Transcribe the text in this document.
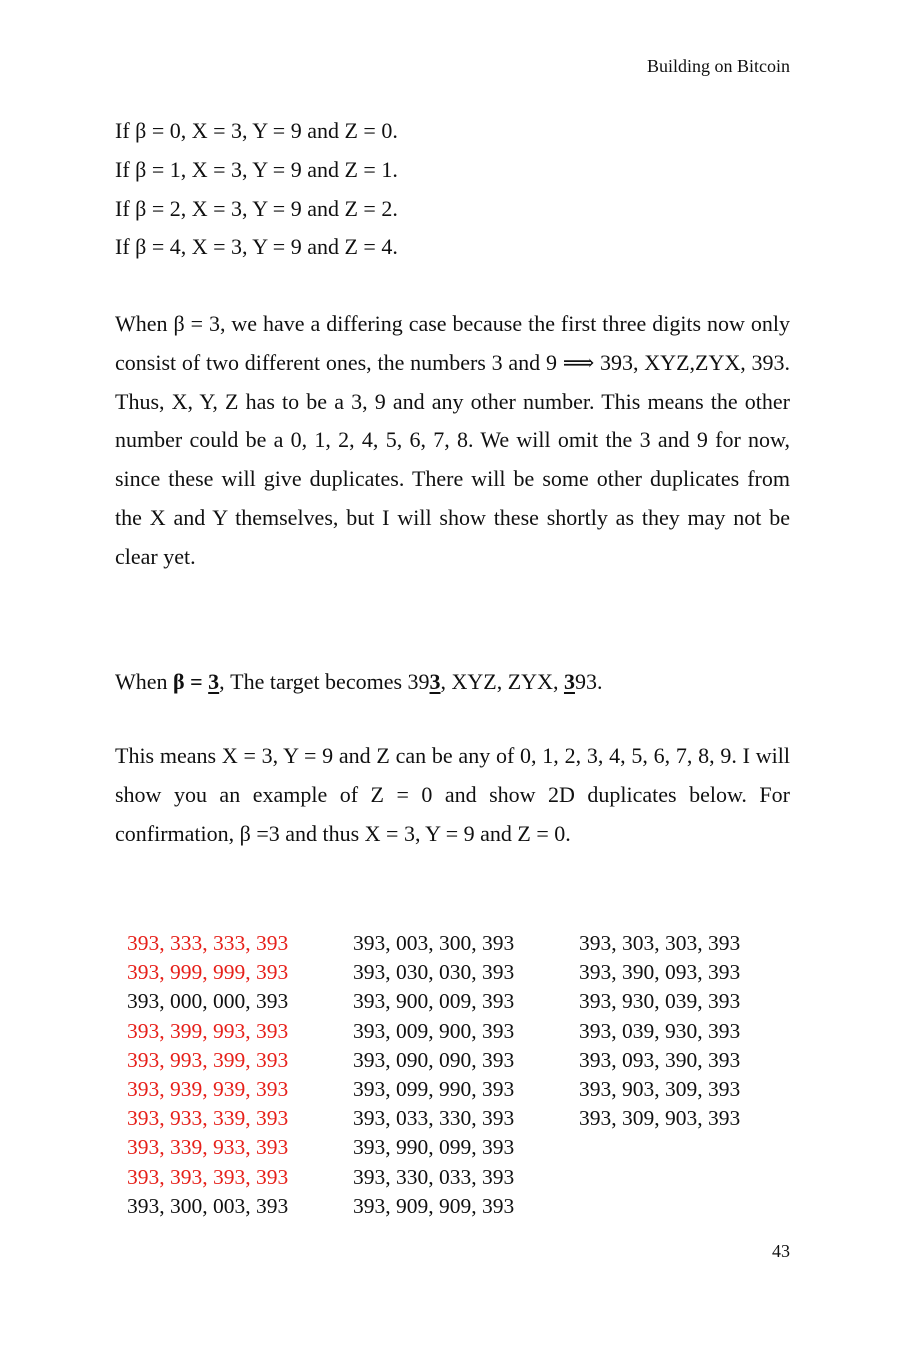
Building on Bitcoin
If β = 0, X = 3, Y = 9 and Z = 0.
If β = 1, X = 3, Y = 9 and Z = 1.
If β = 2, X = 3, Y = 9 and Z = 2.
If β = 4, X = 3, Y = 9 and Z = 4.

When β = 3, we have a differing case because the first three digits now only consist of two different ones, the numbers 3 and 9 ⟹ 393, XYZ,ZYX, 393. Thus, X, Y, Z has to be a 3, 9 and any other number. This means the other number could be a 0, 1, 2, 4, 5, 6, 7, 8. We will omit the 3 and 9 for now, since these will give duplicates. There will be some other duplicates from the X and Y themselves, but I will show these shortly as they may not be clear yet.

When β = 3, The target becomes 393, XYZ, ZYX, 393.

This means X = 3, Y = 9 and Z can be any of 0, 1, 2, 3, 4, 5, 6, 7, 8, 9. I will show you an example of Z = 0 and show 2D duplicates below. For confirmation, β =3 and thus X = 3, Y = 9 and Z = 0.

393, 333, 333, 393
393, 999, 999, 393
393, 000, 000, 393
393, 399, 993, 393
393, 993, 399, 393
393, 939, 939, 393
393, 933, 339, 393
393, 339, 933, 393
393, 393, 393, 393
393, 300, 003, 393
393, 003, 300, 393
393, 030, 030, 393
393, 900, 009, 393
393, 009, 900, 393
393, 090, 090, 393
393, 099, 990, 393
393, 033, 330, 393
393, 990, 099, 393
393, 330, 033, 393
393, 909, 909, 393
393, 303, 303, 393
393, 390, 093, 393
393, 930, 039, 393
393, 039, 930, 393
393, 093, 390, 393
393, 903, 309, 393
393, 309, 903, 393
43
